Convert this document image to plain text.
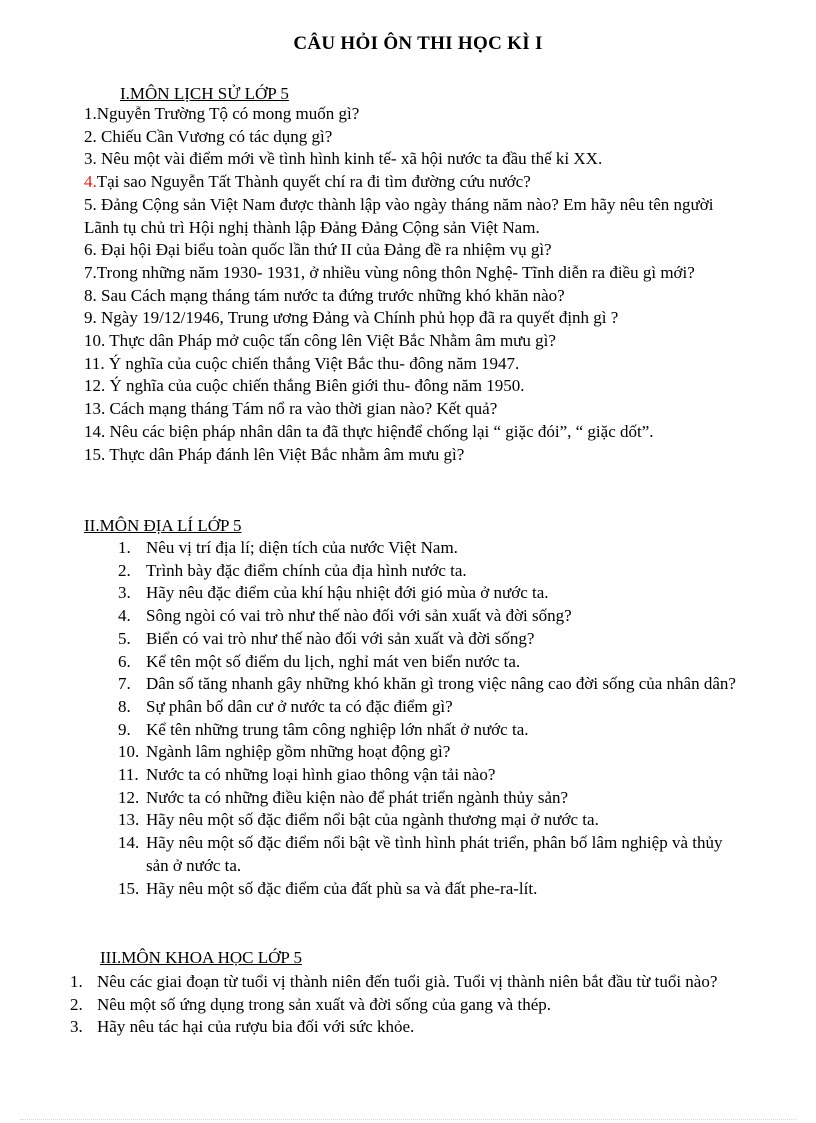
CÂU HỎI ÔN THI HỌC KÌ I
I.MÔN LỊCH SỬ LỚP 5
1.Nguyễn Trường Tộ có mong muốn gì?
2. Chiếu Cần Vương có tác dụng gì?
3. Nêu một vài điểm mới về tình hình kinh tế- xã hội nước ta đầu thế kỉ XX.
4.Tại sao Nguyễn Tất Thành quyết chí ra đi tìm đường cứu nước?
5. Đảng Cộng sản Việt Nam được thành lập vào ngày tháng năm nào? Em hãy nêu tên người Lãnh tụ chủ trì Hội nghị thành lập Đảng Đảng Cộng sản Việt Nam.
6. Đại hội Đại biểu toàn quốc lần thứ II của Đảng đề ra nhiệm vụ gì?
7.Trong những năm 1930- 1931, ở nhiều vùng nông thôn Nghệ- Tĩnh diễn ra điều gì mới?
8. Sau Cách mạng tháng tám nước ta đứng trước những khó khăn nào?
9. Ngày 19/12/1946, Trung ương Đảng và Chính phủ họp đã ra quyết định gì ?
10. Thực dân Pháp mở cuộc tấn công lên Việt Bắc Nhằm âm mưu gì?
11. Ý nghĩa của cuộc chiến thắng Việt Bắc thu- đông năm 1947.
12. Ý nghĩa của cuộc chiến thắng Biên giới thu- đông năm 1950.
13. Cách mạng tháng Tám nổ ra vào thời gian nào? Kết quả?
14. Nêu các biện pháp nhân dân ta đã thực hiệnđể chống lại “ giặc đói”, “ giặc dốt”.
15. Thực dân Pháp đánh lên Việt Bắc nhằm âm mưu gì?
II.MÔN ĐỊA LÍ LỚP 5
1. Nêu vị trí địa lí; diện tích của nước Việt Nam.
2. Trình bày đặc điểm chính của địa hình nước ta.
3. Hãy nêu đặc điểm của khí hậu nhiệt đới gió mùa ở nước ta.
4. Sông ngòi có vai trò như thế nào đối với sản xuất và đời sống?
5. Biển có vai trò như thế nào đối với sản xuất và đời sống?
6. Kể tên một số điểm du lịch, nghỉ mát ven biển nước ta.
7. Dân số tăng nhanh gây những khó khăn gì trong việc nâng cao đời sống của nhân dân?
8. Sự phân bố dân cư ở nước ta có đặc điểm gì?
9. Kể tên những trung tâm công nghiệp lớn nhất ở nước ta.
10. Ngành lâm nghiệp gồm những hoạt động gì?
11. Nước ta có những loại hình giao thông vận tải nào?
12. Nước ta có những điều kiện nào để phát triển ngành thủy sản?
13. Hãy nêu một số đặc điểm nổi bật của ngành thương mại ở nước ta.
14. Hãy nêu một số đặc điểm nổi bật về tình hình phát triển, phân bố lâm nghiệp và thủy sản ở nước ta.
15. Hãy nêu một số đặc điểm của đất phù sa và đất phe-ra-lít.
III.MÔN KHOA HỌC LỚP 5
1. Nêu các giai đoạn từ tuổi vị thành niên đến tuổi già. Tuổi vị thành niên bắt đầu từ tuổi nào?
2. Nêu một số ứng dụng trong sản xuất và đời sống của gang và thép.
3. Hãy nêu tác hại của rượu bia đối với sức khỏe.
